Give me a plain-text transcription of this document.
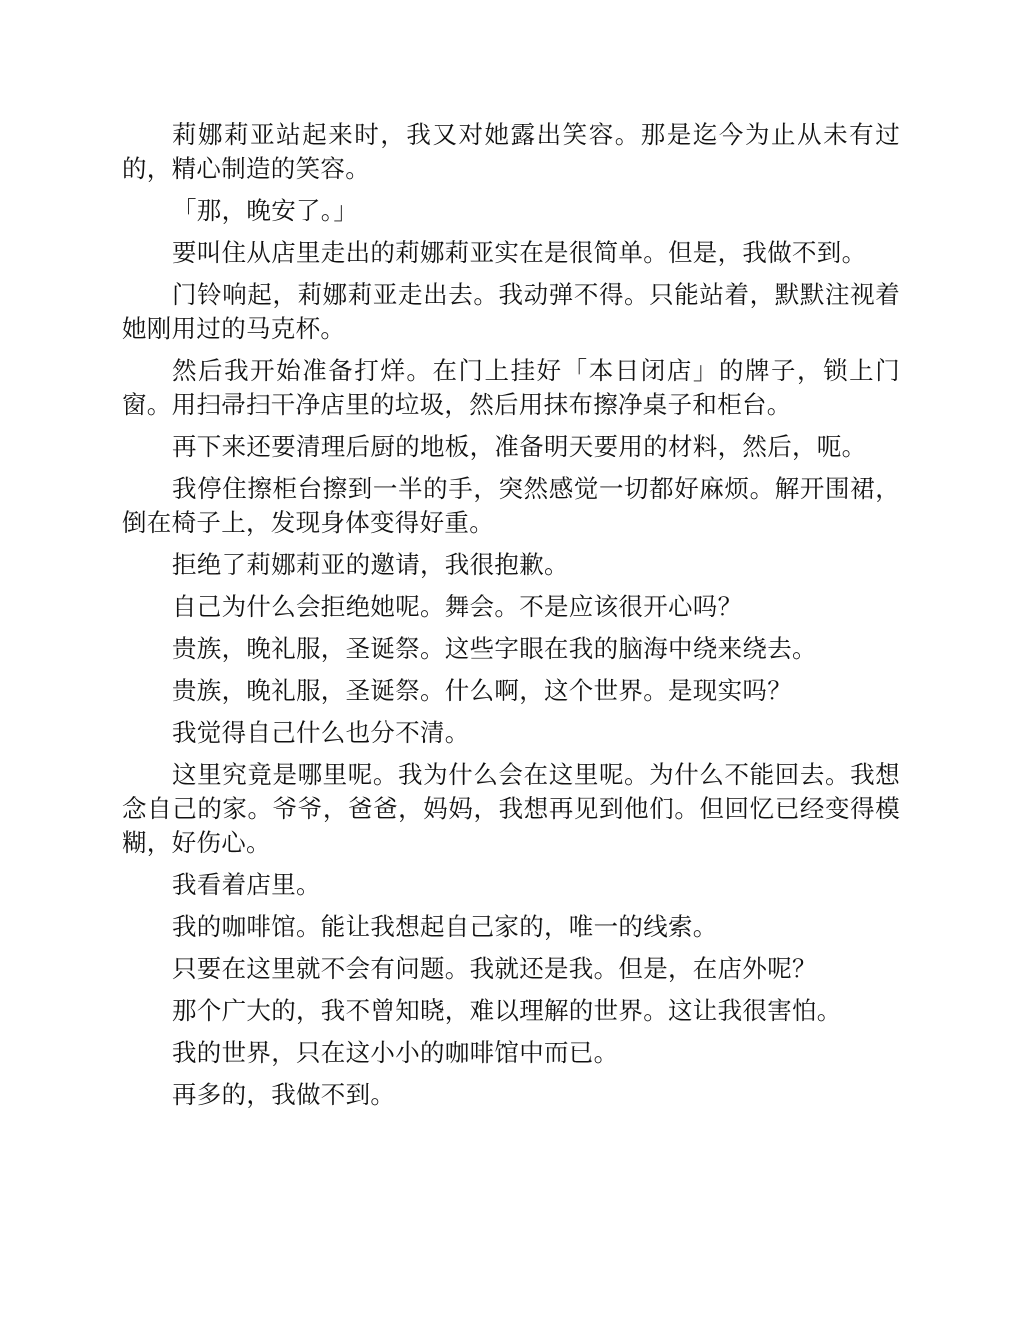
莉娜莉亚站起来时，我又对她露出笑容。那是迄今为止从未有过的，精心制造的笑容。

「那，晚安了。」

要叫住从店里走出的莉娜莉亚实在是很简单。但是，我做不到。

门铃响起，莉娜莉亚走出去。我动弹不得。只能站着，默默注视着她刚用过的马克杯。

然后我开始准备打烊。在门上挂好「本日闭店」的牌子，锁上门窗。用扫帚扫干净店里的垃圾，然后用抹布擦净桌子和柜台。

再下来还要清理后厨的地板，准备明天要用的材料，然后，呃。

我停住擦柜台擦到一半的手，突然感觉一切都好麻烦。解开围裙，倒在椅子上，发现身体变得好重。

拒绝了莉娜莉亚的邀请，我很抱歉。

自己为什么会拒绝她呢。舞会。不是应该很开心吗？

贵族，晚礼服，圣诞祭。这些字眼在我的脑海中绕来绕去。

贵族，晚礼服，圣诞祭。什么啊，这个世界。是现实吗？

我觉得自己什么也分不清。

这里究竟是哪里呢。我为什么会在这里呢。为什么不能回去。我想念自己的家。爷爷，爸爸，妈妈，我想再见到他们。但回忆已经变得模糊，好伤心。

我看着店里。

我的咖啡馆。能让我想起自己家的，唯一的线索。

只要在这里就不会有问题。我就还是我。但是，在店外呢？

那个广大的，我不曾知晓，难以理解的世界。这让我很害怕。

我的世界，只在这小小的咖啡馆中而已。

再多的，我做不到。
